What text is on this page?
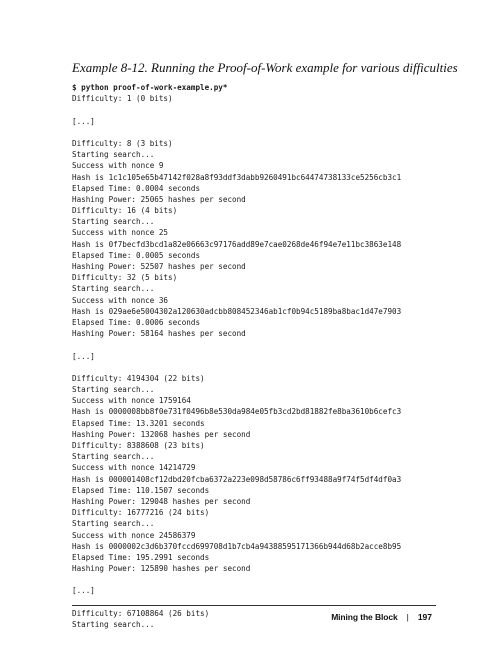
Example 8-12. Running the Proof-of-Work example for various difficulties
$ python proof-of-work-example.py*
Difficulty: 1 (0 bits)
[...]
Difficulty: 8 (3 bits)
Starting search...
Success with nonce 9
Hash is 1c1c105e65b47142f028a8f93ddf3dabb9260491bc64474738133ce5256cb3c1
Elapsed Time: 0.0004 seconds
Hashing Power: 25065 hashes per second
Difficulty: 16 (4 bits)
Starting search...
Success with nonce 25
Hash is 0f7becfd3bcd1a82e06663c97176add89e7cae0268de46f94e7e11bc3863e148
Elapsed Time: 0.0005 seconds
Hashing Power: 52507 hashes per second
Difficulty: 32 (5 bits)
Starting search...
Success with nonce 36
Hash is 029ae6e5004302a120630adcbb808452346ab1cf0b94c5189ba8bac1d47e7903
Elapsed Time: 0.0006 seconds
Hashing Power: 58164 hashes per second
[...]
Difficulty: 4194304 (22 bits)
Starting search...
Success with nonce 1759164
Hash is 0000008bb8f0e731f0496b8e530da984e05fb3cd2bd81882fe8ba3610b6cefc3
Elapsed Time: 13.3201 seconds
Hashing Power: 132068 hashes per second
Difficulty: 8388608 (23 bits)
Starting search...
Success with nonce 14214729
Hash is 000001408cf12dbd20fcba6372a223e098d58786c6ff93488a9f74f5df4df0a3
Elapsed Time: 110.1507 seconds
Hashing Power: 129048 hashes per second
Difficulty: 16777216 (24 bits)
Starting search...
Success with nonce 24586379
Hash is 0000002c3d6b370fccd699708d1b7cb4a94388595171366b944d68b2acce8b95
Elapsed Time: 195.2991 seconds
Hashing Power: 125890 hashes per second
[...]
Difficulty: 67108864 (26 bits)
Starting search...
Mining the Block | 197
